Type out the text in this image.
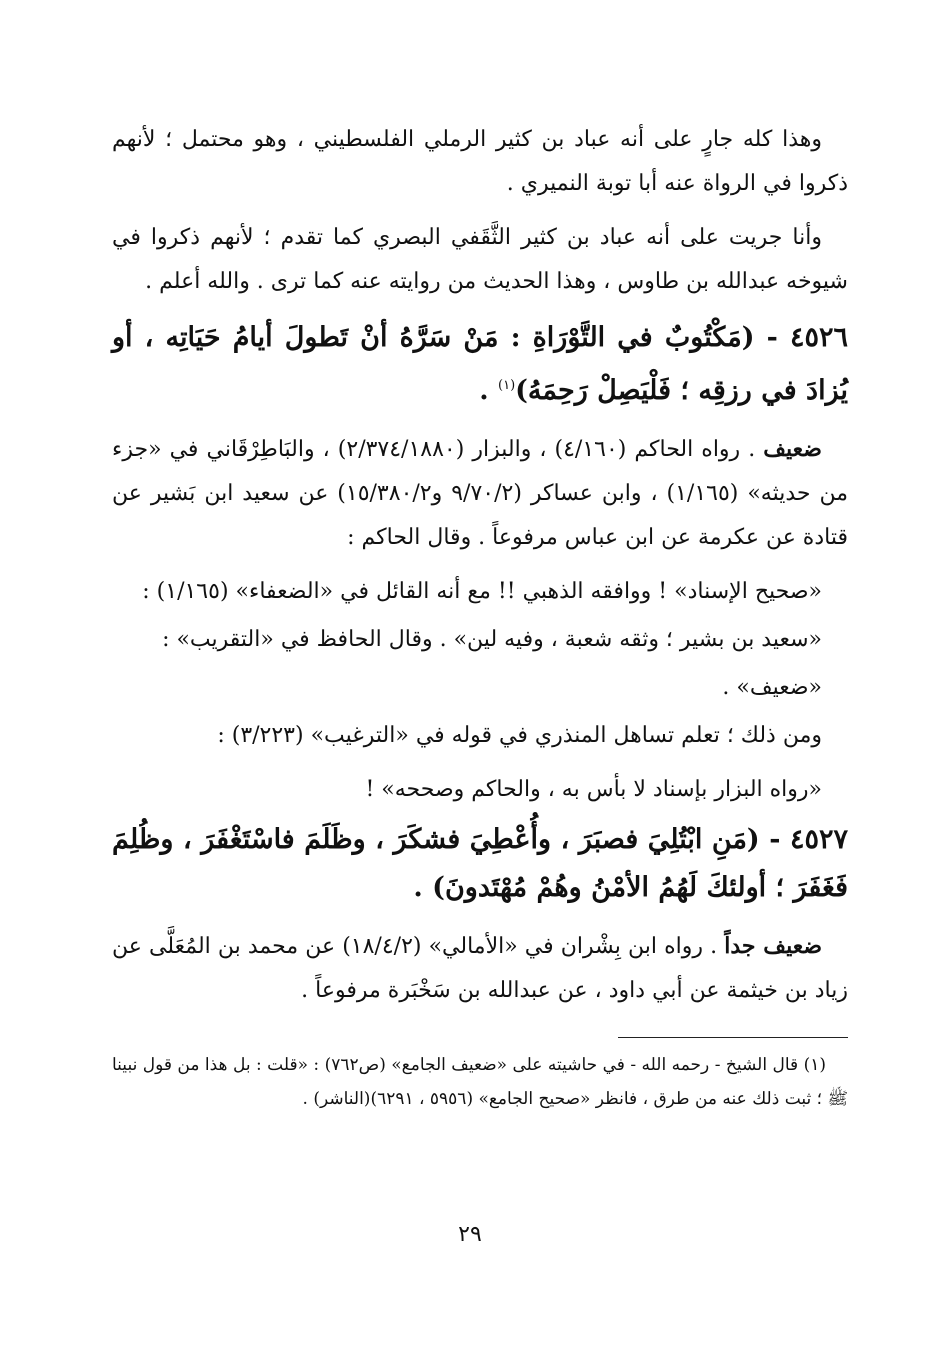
وهذا كله جارٍ على أنه عباد بن كثير الرملي الفلسطيني ، وهو محتمل ؛ لأنهم ذكروا في الرواة عنه أبا توبة النميري .

وأنا جريت على أنه عباد بن كثير الثَّقَفي البصري كما تقدم ؛ لأنهم ذكروا في شيوخه عبدالله بن طاوس ، وهذا الحديث من روايته عنه كما ترى . والله أعلم .

٤٥٢٦ - (مَكْتُوبٌ في التَّوْرَاةِ : مَنْ سَرَّهُ أنْ تَطولَ أيامُ حَيَاتِه ، أو يُزادَ في رزقِه ؛ فَلْيَصِلْ رَحِمَهُ)$^{(١)}$ .

ضعيف . رواه الحاكم (٤/١٦٠) ، والبزار (٢/٣٧٤/١٨٨٠) ، والبَاطِرْقَاني في «جزء من حديثه» (١/١٦٥) ، وابن عساكر (٩/٧٠/٢ و١٥/٣٨٠/٢) عن سعيد ابن بَشير عن قتادة عن عكرمة عن ابن عباس مرفوعاً . وقال الحاكم :

«صحيح الإسناد» ! ووافقه الذهبي !! مع أنه القائل في «الضعفاء» (١/١٦٥) :

«سعيد بن بشير ؛ وثقه شعبة ، وفيه لين» . وقال الحافظ في «التقريب» :

«ضعيف» .

ومن ذلك ؛ تعلم تساهل المنذري في قوله في «الترغيب» (٣/٢٢٣) :

«رواه البزار بإسناد لا بأس به ، والحاكم وصححه» !

٤٥٢٧ - (مَنِ ابْتُلِيَ فصبَرَ ، وأُعْطِيَ فشكَرَ ، وظَلَمَ فاسْتَغْفَرَ ، وظُلِمَ فَغَفَرَ ؛ أولئكَ لَهُمُ الأمْنُ وهُمْ مُهْتَدونَ) .

ضعيف جداً . رواه ابن بِشْران في «الأمالي» (١٨/٤/٢) عن محمد بن المُعَلَّى عن زياد بن خيثمة عن أبي داود ، عن عبدالله بن سَخْبَرة مرفوعاً .

(١) قال الشيخ - رحمه الله - في حاشيته على «ضعيف الجامع» (ص٧٦٢) : «قلت : بل هذا من قول نبينا ﷺ ؛ ثبت ذلك عنه من طرق ، فانظر «صحيح الجامع» (٥٩٥٦ ، ٦٢٩١)(الناشر) .

٢٩
